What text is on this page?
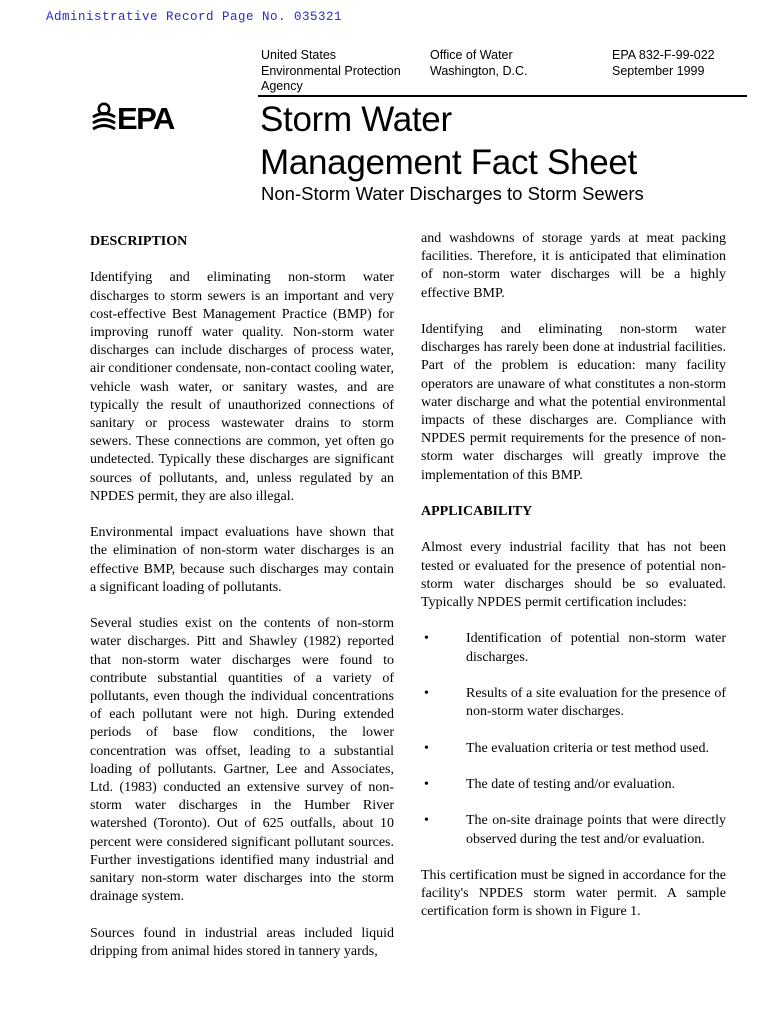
Administrative Record Page No. 035321
United States
Environmental Protection
Agency
Office of Water
Washington, D.C.
EPA 832-F-99-022
September 1999
EPA Storm Water
Management Fact Sheet
Non-Storm Water Discharges to Storm Sewers
DESCRIPTION

Identifying and eliminating non-storm water discharges to storm sewers is an important and very cost-effective Best Management Practice (BMP) for improving runoff water quality. Non-storm water discharges can include discharges of process water, air conditioner condensate, non-contact cooling water, vehicle wash water, or sanitary wastes, and are typically the result of unauthorized connections of sanitary or process wastewater drains to storm sewers. These connections are common, yet often go undetected. Typically these discharges are significant sources of pollutants, and, unless regulated by an NPDES permit, they are also illegal.

Environmental impact evaluations have shown that the elimination of non-storm water discharges is an effective BMP, because such discharges may contain a significant loading of pollutants.

Several studies exist on the contents of non-storm water discharges. Pitt and Shawley (1982) reported that non-storm water discharges were found to contribute substantial quantities of a variety of pollutants, even though the individual concentrations of each pollutant were not high. During extended periods of base flow conditions, the lower concentration was offset, leading to a substantial loading of pollutants. Gartner, Lee and Associates, Ltd. (1983) conducted an extensive survey of non-storm water discharges in the Humber River watershed (Toronto). Out of 625 outfalls, about 10 percent were considered significant pollutant sources. Further investigations identified many industrial and sanitary non-storm water discharges into the storm drainage system.

Sources found in industrial areas included liquid dripping from animal hides stored in tannery yards,

and washdowns of storage yards at meat packing facilities. Therefore, it is anticipated that elimination of non-storm water discharges will be a highly effective BMP.

Identifying and eliminating non-storm water discharges has rarely been done at industrial facilities. Part of the problem is education: many facility operators are unaware of what constitutes a non-storm water discharge and what the potential environmental impacts of these discharges are. Compliance with NPDES permit requirements for the presence of non-storm water discharges will greatly improve the implementation of this BMP.

APPLICABILITY

Almost every industrial facility that has not been tested or evaluated for the presence of potential non-storm water discharges should be so evaluated. Typically NPDES permit certification includes:

•	Identification of potential non-storm water discharges.
•	Results of a site evaluation for the presence of non-storm water discharges.
•	The evaluation criteria or test method used.
•	The date of testing and/or evaluation.
•	The on-site drainage points that were directly observed during the test and/or evaluation.

This certification must be signed in accordance for the facility's NPDES storm water permit. A sample certification form is shown in Figure 1.
